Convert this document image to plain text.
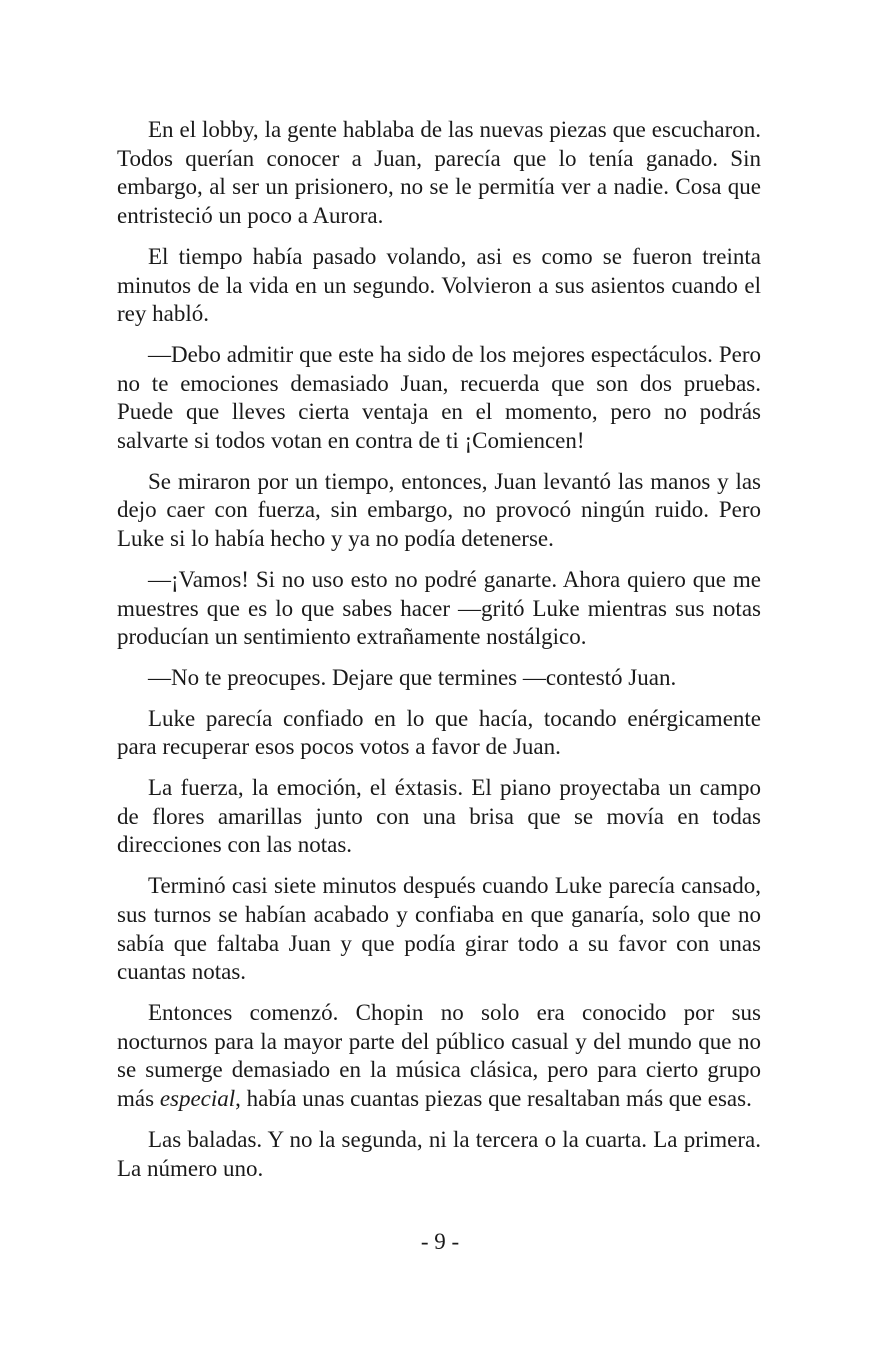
En el lobby, la gente hablaba de las nuevas piezas que escucharon. Todos querían conocer a Juan, parecía que lo tenía ganado. Sin embargo, al ser un prisionero, no se le permitía ver a nadie. Cosa que entristeció un poco a Aurora.

El tiempo había pasado volando, asi es como se fueron treinta minutos de la vida en un segundo. Volvieron a sus asientos cuando el rey habló.

—Debo admitir que este ha sido de los mejores espectáculos. Pero no te emociones demasiado Juan, recuerda que son dos pruebas. Puede que lleves cierta ventaja en el momento, pero no podrás salvarte si todos votan en contra de ti ¡Comiencen!

Se miraron por un tiempo, entonces, Juan levantó las manos y las dejo caer con fuerza, sin embargo, no provocó ningún ruido. Pero Luke si lo había hecho y ya no podía detenerse.

—¡Vamos! Si no uso esto no podré ganarte. Ahora quiero que me muestres que es lo que sabes hacer —gritó Luke mientras sus notas producían un sentimiento extrañamente nostálgico.

—No te preocupes. Dejare que termines —contestó Juan.

Luke parecía confiado en lo que hacía, tocando enérgicamente para recuperar esos pocos votos a favor de Juan.

La fuerza, la emoción, el éxtasis. El piano proyectaba un campo de flores amarillas junto con una brisa que se movía en todas direcciones con las notas.

Terminó casi siete minutos después cuando Luke parecía cansado, sus turnos se habían acabado y confiaba en que ganaría, solo que no sabía que faltaba Juan y que podía girar todo a su favor con unas cuantas notas.

Entonces comenzó. Chopin no solo era conocido por sus nocturnos para la mayor parte del público casual y del mundo que no se sumerge demasiado en la música clásica, pero para cierto grupo más especial, había unas cuantas piezas que resaltaban más que esas.

Las baladas. Y no la segunda, ni la tercera o la cuarta. La primera. La número uno.

- 9 -
